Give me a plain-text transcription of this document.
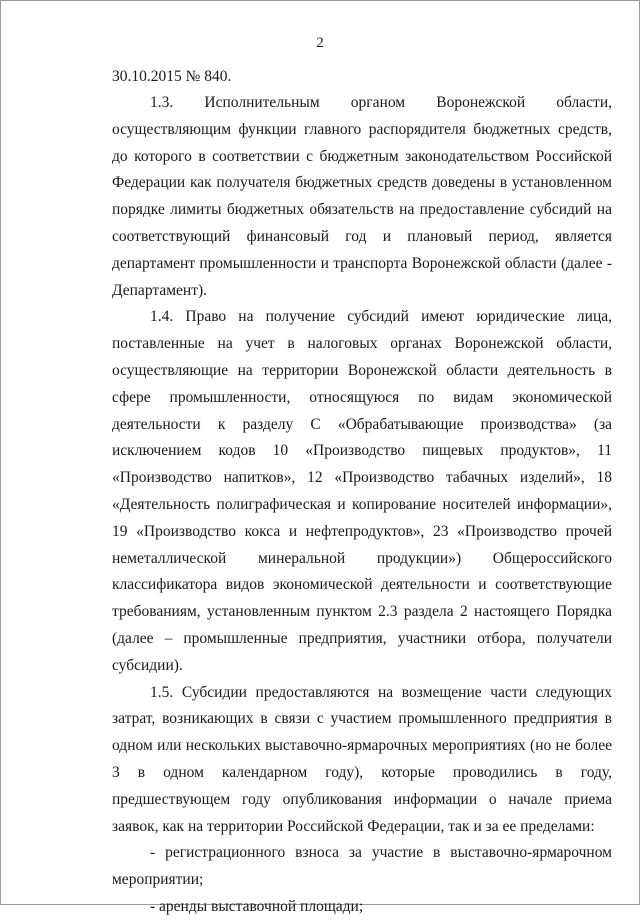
2
30.10.2015 № 840.

1.3. Исполнительным органом Воронежской области, осуществляющим функции главного распорядителя бюджетных средств, до которого в соответствии с бюджетным законодательством Российской Федерации как получателя бюджетных средств доведены в установленном порядке лимиты бюджетных обязательств на предоставление субсидий на соответствующий финансовый год и плановый период, является департамент промышленности и транспорта Воронежской области (далее - Департамент).

1.4. Право на получение субсидий имеют юридические лица, поставленные на учет в налоговых органах Воронежской области, осуществляющие на территории Воронежской области деятельность в сфере промышленности, относящуюся по видам экономической деятельности к разделу С «Обрабатывающие производства» (за исключением кодов 10 «Производство пищевых продуктов», 11 «Производство напитков», 12 «Производство табачных изделий», 18 «Деятельность полиграфическая и копирование носителей информации», 19 «Производство кокса и нефтепродуктов», 23 «Производство прочей неметаллической минеральной продукции») Общероссийского классификатора видов экономической деятельности и соответствующие требованиям, установленным пунктом 2.3 раздела 2 настоящего Порядка (далее – промышленные предприятия, участники отбора, получатели субсидии).

1.5. Субсидии предоставляются на возмещение части следующих затрат, возникающих в связи с участием промышленного предприятия в одном или нескольких выставочно-ярмарочных мероприятиях (но не более 3 в одном календарном году), которые проводились в году, предшествующем году опубликования информации о начале приема заявок, как на территории Российской Федерации, так и за ее пределами:

- регистрационного взноса за участие в выставочно-ярмарочном мероприятии;

- аренды выставочной площади;
